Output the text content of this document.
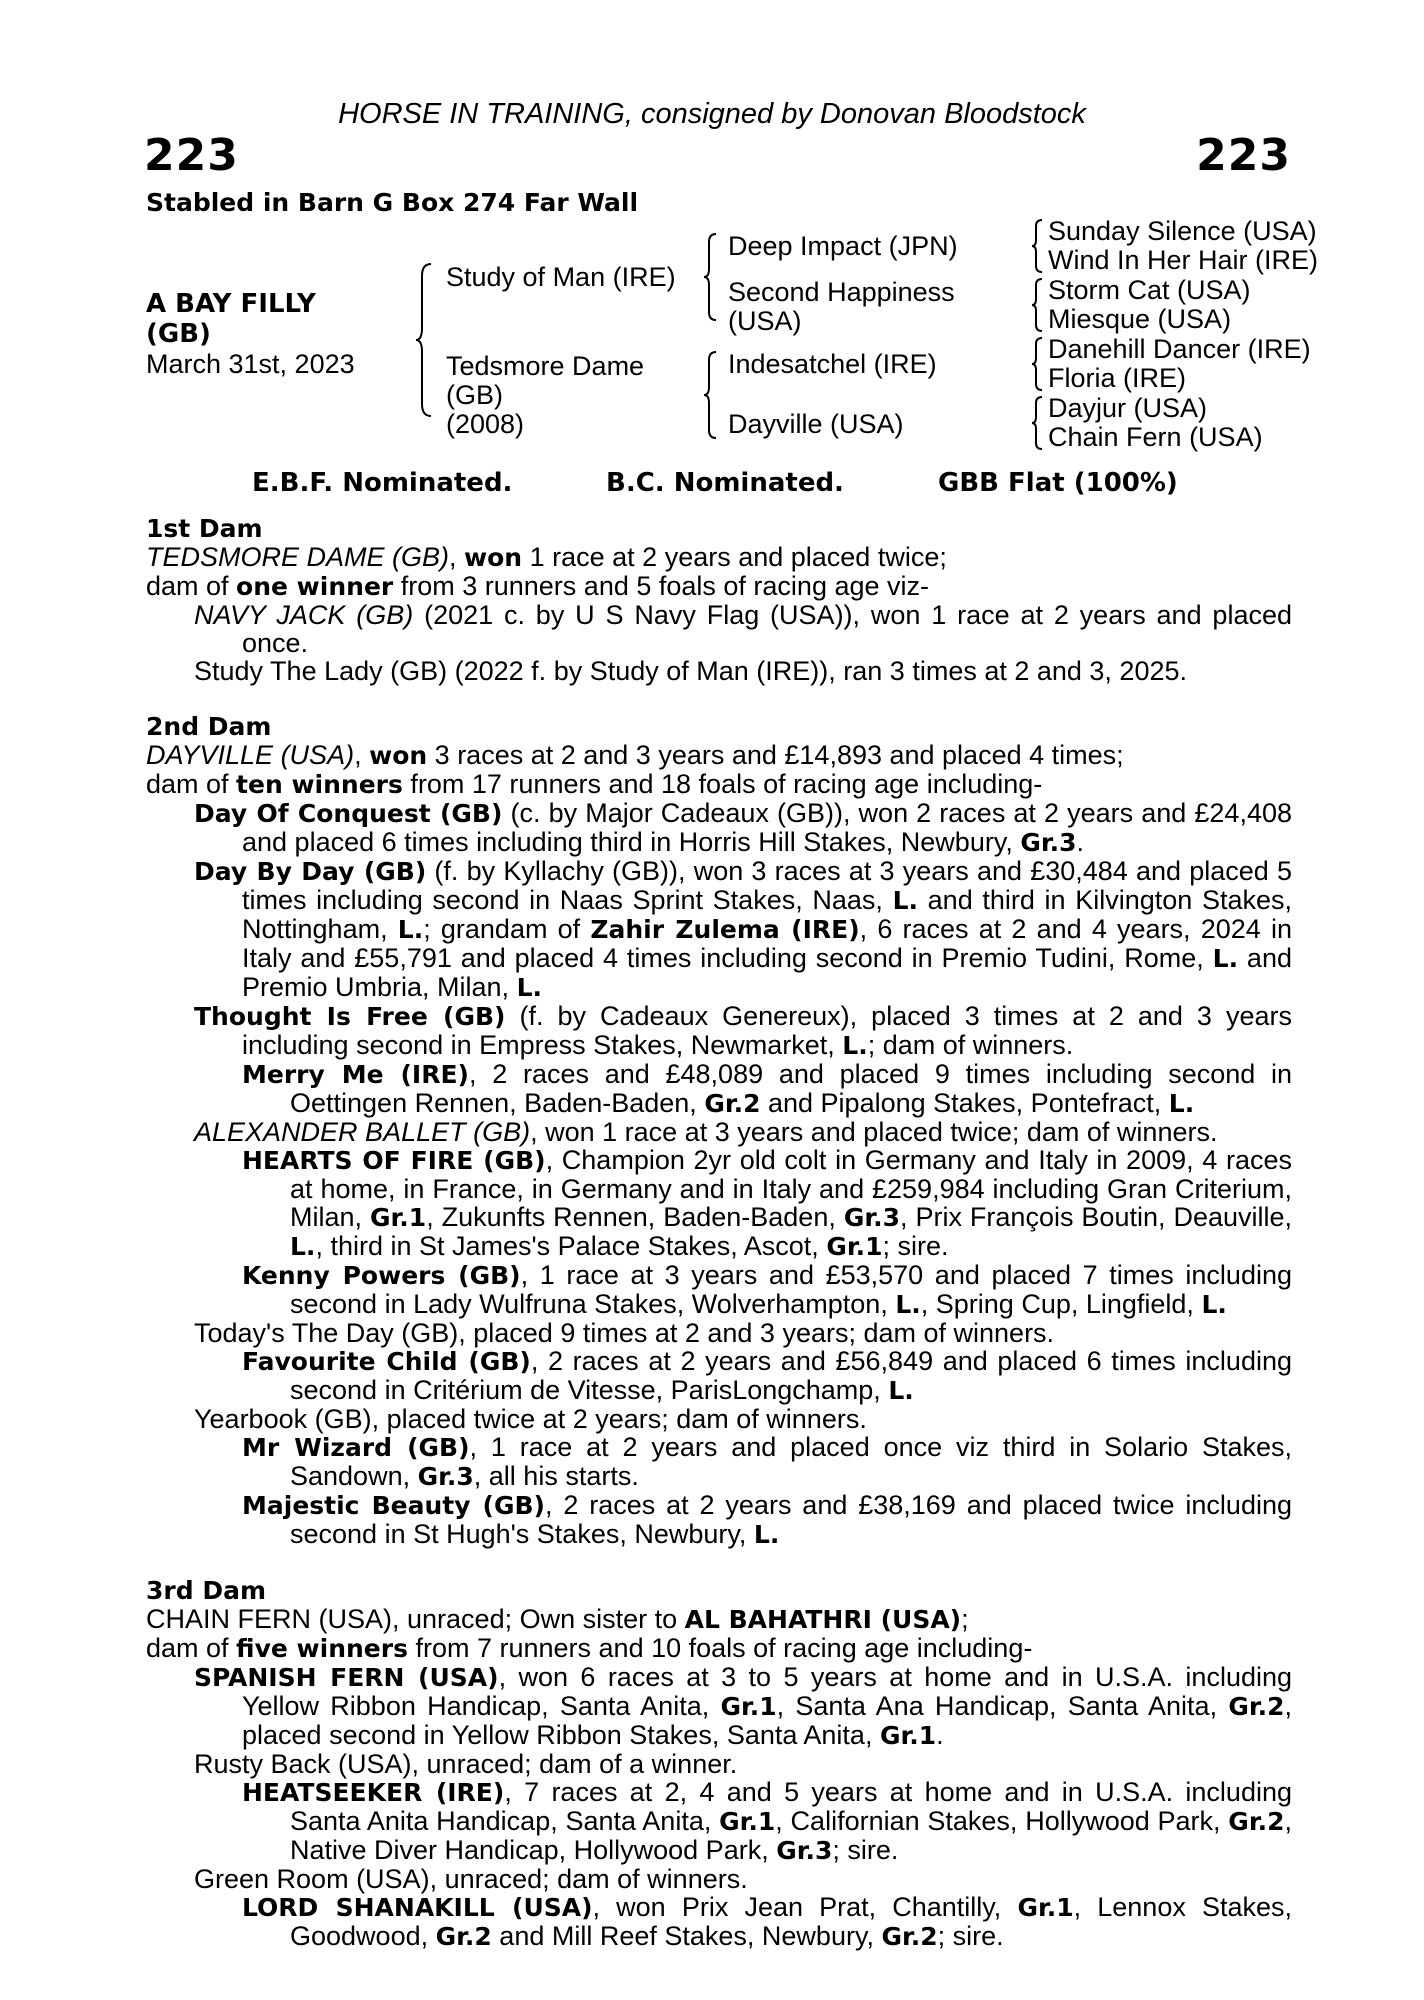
HORSE IN TRAINING, consigned by Donovan Bloodstock
223	223
Stabled in Barn G Box 274 Far Wall
A BAY FILLY
(GB)
March 31st, 2023
Study of Man (IRE)
Tedsmore Dame
(GB)
(2008)
Deep Impact (JPN)
Second Happiness
(USA)
Indesatchel (IRE)
Dayville (USA)
Sunday Silence (USA)
Wind In Her Hair (IRE)
Storm Cat (USA)
Miesque (USA)
Danehill Dancer (IRE)
Floria (IRE)
Dayjur (USA)
Chain Fern (USA)
E.B.F. Nominated.	B.C. Nominated.	GBB Flat (100%)
1st Dam
TEDSMORE DAME (GB), won 1 race at 2 years and placed twice;
dam of one winner from 3 runners and 5 foals of racing age viz-
NAVY JACK (GB) (2021 c. by U S Navy Flag (USA)), won 1 race at 2 years and placed once.
Study The Lady (GB) (2022 f. by Study of Man (IRE)), ran 3 times at 2 and 3, 2025.
2nd Dam
DAYVILLE (USA), won 3 races at 2 and 3 years and £14,893 and placed 4 times;
dam of ten winners from 17 runners and 18 foals of racing age including-
Day Of Conquest (GB) (c. by Major Cadeaux (GB)), won 2 races at 2 years and £24,408 and placed 6 times including third in Horris Hill Stakes, Newbury, Gr.3.
Day By Day (GB) (f. by Kyllachy (GB)), won 3 races at 3 years and £30,484 and placed 5 times including second in Naas Sprint Stakes, Naas, L. and third in Kilvington Stakes, Nottingham, L.; grandam of Zahir Zulema (IRE), 6 races at 2 and 4 years, 2024 in Italy and £55,791 and placed 4 times including second in Premio Tudini, Rome, L. and Premio Umbria, Milan, L.
Thought Is Free (GB) (f. by Cadeaux Genereux), placed 3 times at 2 and 3 years including second in Empress Stakes, Newmarket, L.; dam of winners.
Merry Me (IRE), 2 races and £48,089 and placed 9 times including second in Oettingen Rennen, Baden-Baden, Gr.2 and Pipalong Stakes, Pontefract, L.
ALEXANDER BALLET (GB), won 1 race at 3 years and placed twice; dam of winners.
HEARTS OF FIRE (GB), Champion 2yr old colt in Germany and Italy in 2009, 4 races at home, in France, in Germany and in Italy and £259,984 including Gran Criterium, Milan, Gr.1, Zukunfts Rennen, Baden-Baden, Gr.3, Prix François Boutin, Deauville, L., third in St James's Palace Stakes, Ascot, Gr.1; sire.
Kenny Powers (GB), 1 race at 3 years and £53,570 and placed 7 times including second in Lady Wulfruna Stakes, Wolverhampton, L., Spring Cup, Lingfield, L.
Today's The Day (GB), placed 9 times at 2 and 3 years; dam of winners.
Favourite Child (GB), 2 races at 2 years and £56,849 and placed 6 times including second in Critérium de Vitesse, ParisLongchamp, L.
Yearbook (GB), placed twice at 2 years; dam of winners.
Mr Wizard (GB), 1 race at 2 years and placed once viz third in Solario Stakes, Sandown, Gr.3, all his starts.
Majestic Beauty (GB), 2 races at 2 years and £38,169 and placed twice including second in St Hugh's Stakes, Newbury, L.
3rd Dam
CHAIN FERN (USA), unraced; Own sister to AL BAHATHRI (USA);
dam of five winners from 7 runners and 10 foals of racing age including-
SPANISH FERN (USA), won 6 races at 3 to 5 years at home and in U.S.A. including Yellow Ribbon Handicap, Santa Anita, Gr.1, Santa Ana Handicap, Santa Anita, Gr.2, placed second in Yellow Ribbon Stakes, Santa Anita, Gr.1.
Rusty Back (USA), unraced; dam of a winner.
HEATSEEKER (IRE), 7 races at 2, 4 and 5 years at home and in U.S.A. including Santa Anita Handicap, Santa Anita, Gr.1, Californian Stakes, Hollywood Park, Gr.2, Native Diver Handicap, Hollywood Park, Gr.3; sire.
Green Room (USA), unraced; dam of winners.
LORD SHANAKILL (USA), won Prix Jean Prat, Chantilly, Gr.1, Lennox Stakes, Goodwood, Gr.2 and Mill Reef Stakes, Newbury, Gr.2; sire.
